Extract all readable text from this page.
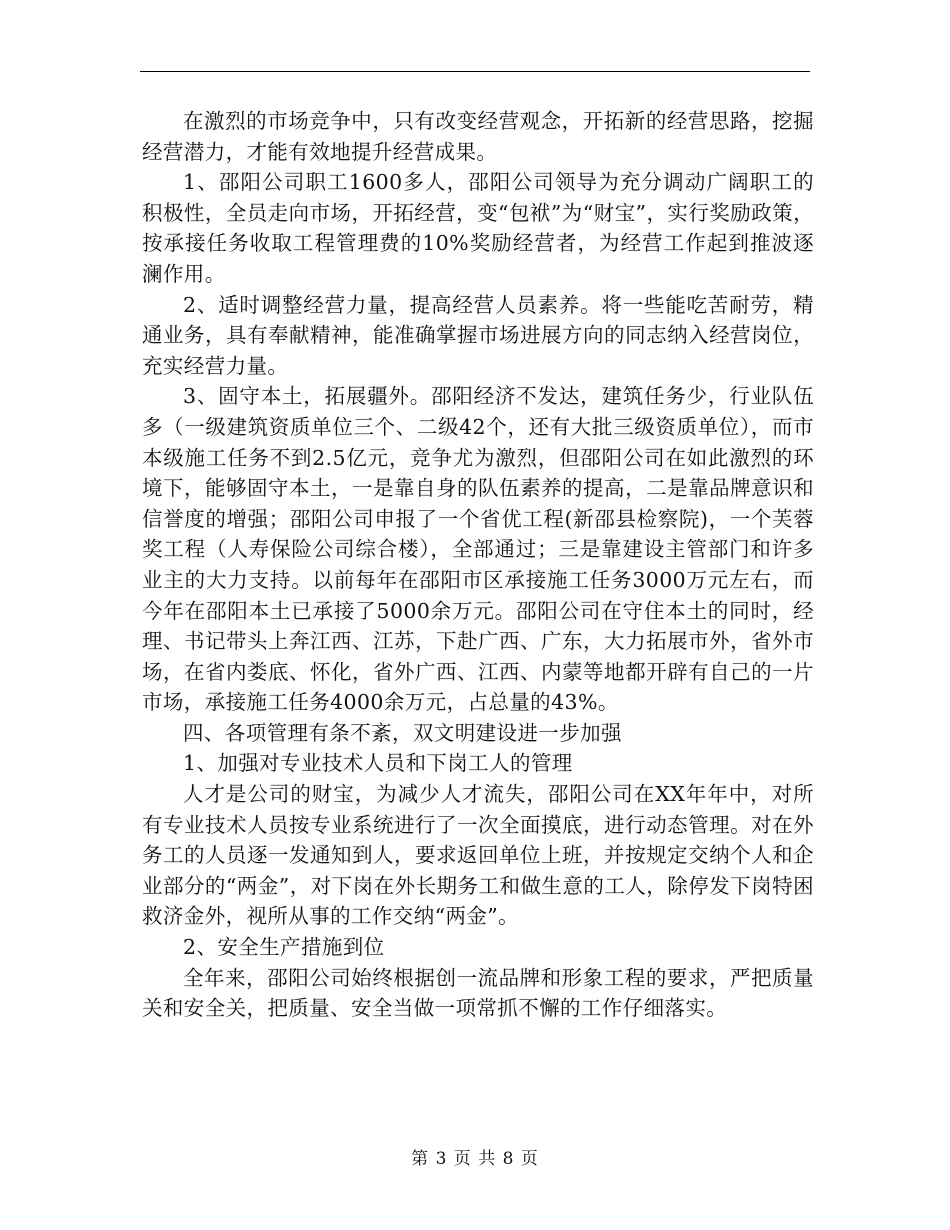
在激烈的市场竞争中，只有改变经营观念，开拓新的经营思路，挖掘经营潜力，才能有效地提升经营成果。

1、邵阳公司职工1600多人，邵阳公司领导为充分调动广阔职工的积极性，全员走向市场，开拓经营，变“包袱”为“财宝”，实行奖励政策，按承接任务收取工程管理费的10%奖励经营者，为经营工作起到推波逐澜作用。

2、适时调整经营力量，提高经营人员素养。将一些能吃苦耐劳，精通业务，具有奉献精神，能准确掌握市场进展方向的同志纳入经营岗位，充实经营力量。

3、固守本土，拓展疆外。邵阳经济不发达，建筑任务少，行业队伍多（一级建筑资质单位三个、二级42个，还有大批三级资质单位），而市本级施工任务不到2.5亿元，竞争尤为激烈，但邵阳公司在如此激烈的环境下，能够固守本土，一是靠自身的队伍素养的提高，二是靠品牌意识和信誉度的增强；邵阳公司申报了一个省优工程(新邵县检察院)，一个芙蓉奖工程（人寿保险公司综合楼），全部通过；三是靠建设主管部门和许多业主的大力支持。以前每年在邵阳市区承接施工任务3000万元左右，而今年在邵阳本土已承接了5000余万元。邵阳公司在守住本土的同时，经理、书记带头上奔江西、江苏，下赴广西、广东，大力拓展市外，省外市场，在省内娄底、怀化，省外广西、江西、内蒙等地都开辟有自己的一片市场，承接施工任务4000余万元，占总量的43%。

四、各项管理有条不紊，双文明建设进一步加强

1、加强对专业技术人员和下岗工人的管理

人才是公司的财宝，为减少人才流失，邵阳公司在XX年年中，对所有专业技术人员按专业系统进行了一次全面摸底，进行动态管理。对在外务工的人员逐一发通知到人，要求返回单位上班，并按规定交纳个人和企业部分的“两金”，对下岗在外长期务工和做生意的工人，除停发下岗特困救济金外，视所从事的工作交纳“两金”。

2、安全生产措施到位

全年来，邵阳公司始终根据创一流品牌和形象工程的要求，严把质量关和安全关，把质量、安全当做一项常抓不懈的工作仔细落实。

第 3 页 共 8 页
